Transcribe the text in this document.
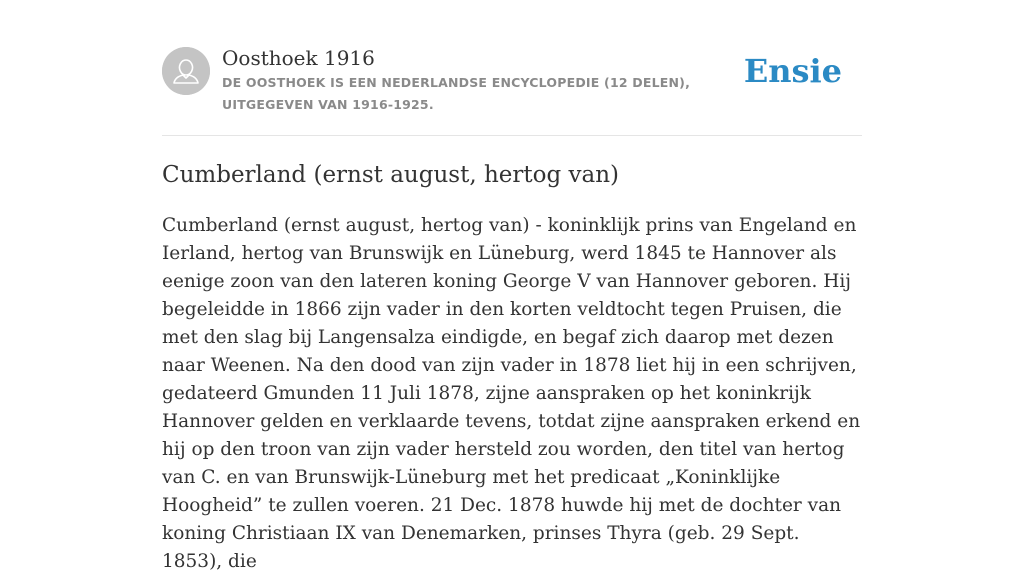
Oosthoek 1916
DE OOSTHOEK IS EEN NEDERLANDSE ENCYCLOPEDIE (12 DELEN), UITGEGEVEN VAN 1916-1925.
Ensie
Cumberland (ernst august, hertog van)

Cumberland (ernst august, hertog van) - koninklijk prins van Engeland en Ierland, hertog van Brunswijk en Lüneburg, werd 1845 te Hannover als eenige zoon van den lateren koning George V van Hannover geboren. Hij begeleidde in 1866 zijn vader in den korten veldtocht tegen Pruisen, die met den slag bij Langensalza eindigde, en begaf zich daarop met dezen naar Weenen. Na den dood van zijn vader in 1878 liet hij in een schrijven, gedateerd Gmunden 11 Juli 1878, zijne aanspraken op het koninkrijk Hannover gelden en verklaarde tevens, totdat zijne aanspraken erkend en hij op den troon van zijn vader hersteld zou worden, den titel van hertog van C. en van Brunswijk-Lüneburg met het predicaat „Koninklijke Hoogheid” te zullen voeren. 21 Dec. 1878 huwde hij met de dochter van koning Christiaan IX van Denemarken, prinses Thyra (geb. 29 Sept. 1853), die
